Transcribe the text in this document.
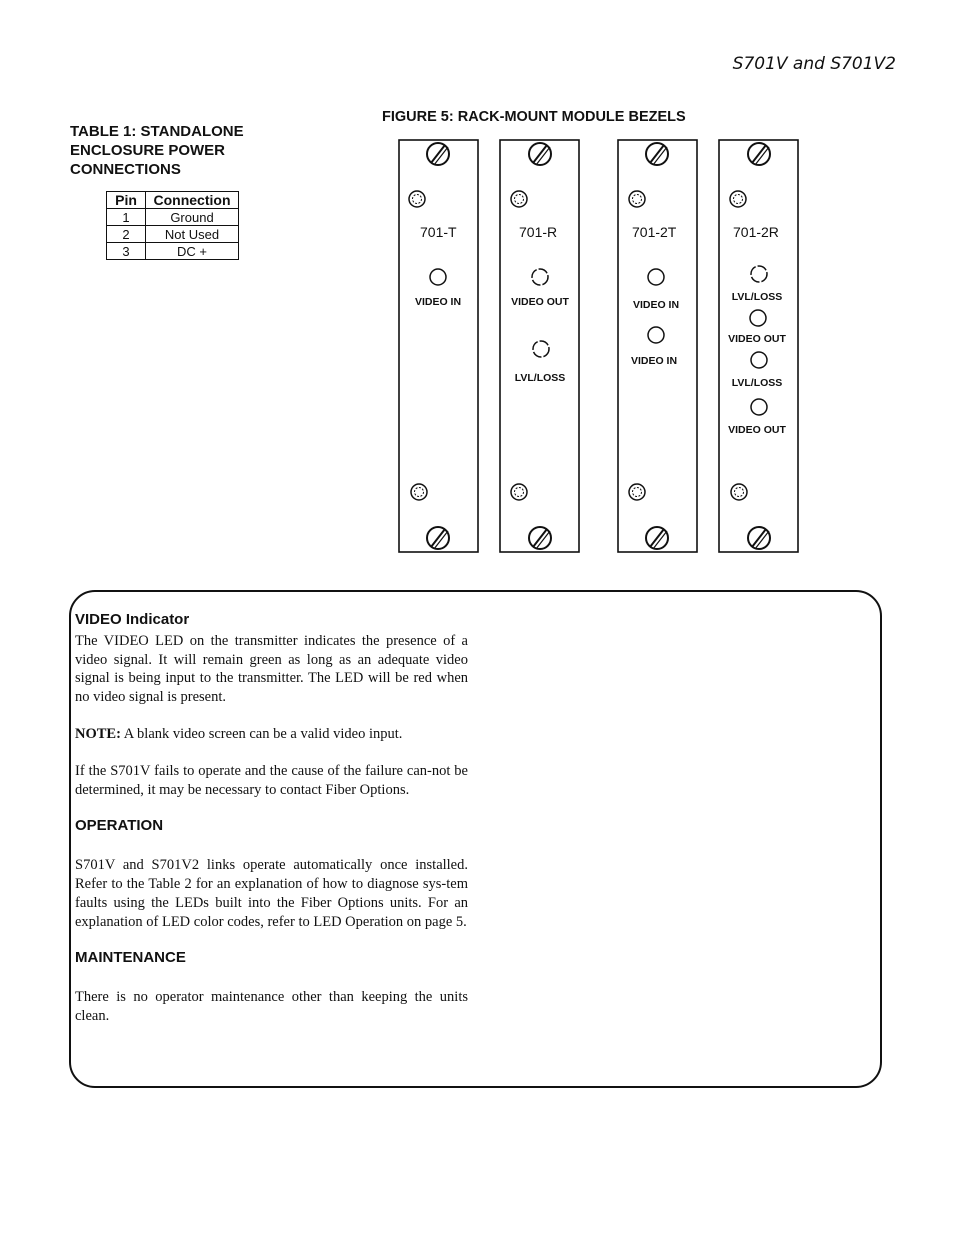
S701V and S701V2
TABLE 1: STANDALONE ENCLOSURE POWER CONNECTIONS
Pin	Connection
1	Ground
2	Not Used
3	DC +
FIGURE 5: RACK-MOUNT MODULE BEZELS
701-T
VIDEO IN
701-R
VIDEO OUT
LVL/LOSS
701-2T
VIDEO IN
VIDEO IN
701-2R
LVL/LOSS
VIDEO OUT
LVL/LOSS
VIDEO OUT
VIDEO Indicator

The VIDEO LED on the transmitter indicates the presence of a video signal. It will remain green as long as an adequate video signal is being input to the transmitter. The LED will be red when no video signal is present.

NOTE: A blank video screen can be a valid video input.

If the S701V fails to operate and the cause of the failure can-not be determined, it may be necessary to contact Fiber Options.

OPERATION

S701V and S701V2 links operate automatically once installed. Refer to the Table 2 for an explanation of how to diagnose sys-tem faults using the LEDs built into the Fiber Options units. For an explanation of LED color codes, refer to LED Operation on page 5.

MAINTENANCE

There is no operator maintenance other than keeping the units clean.
